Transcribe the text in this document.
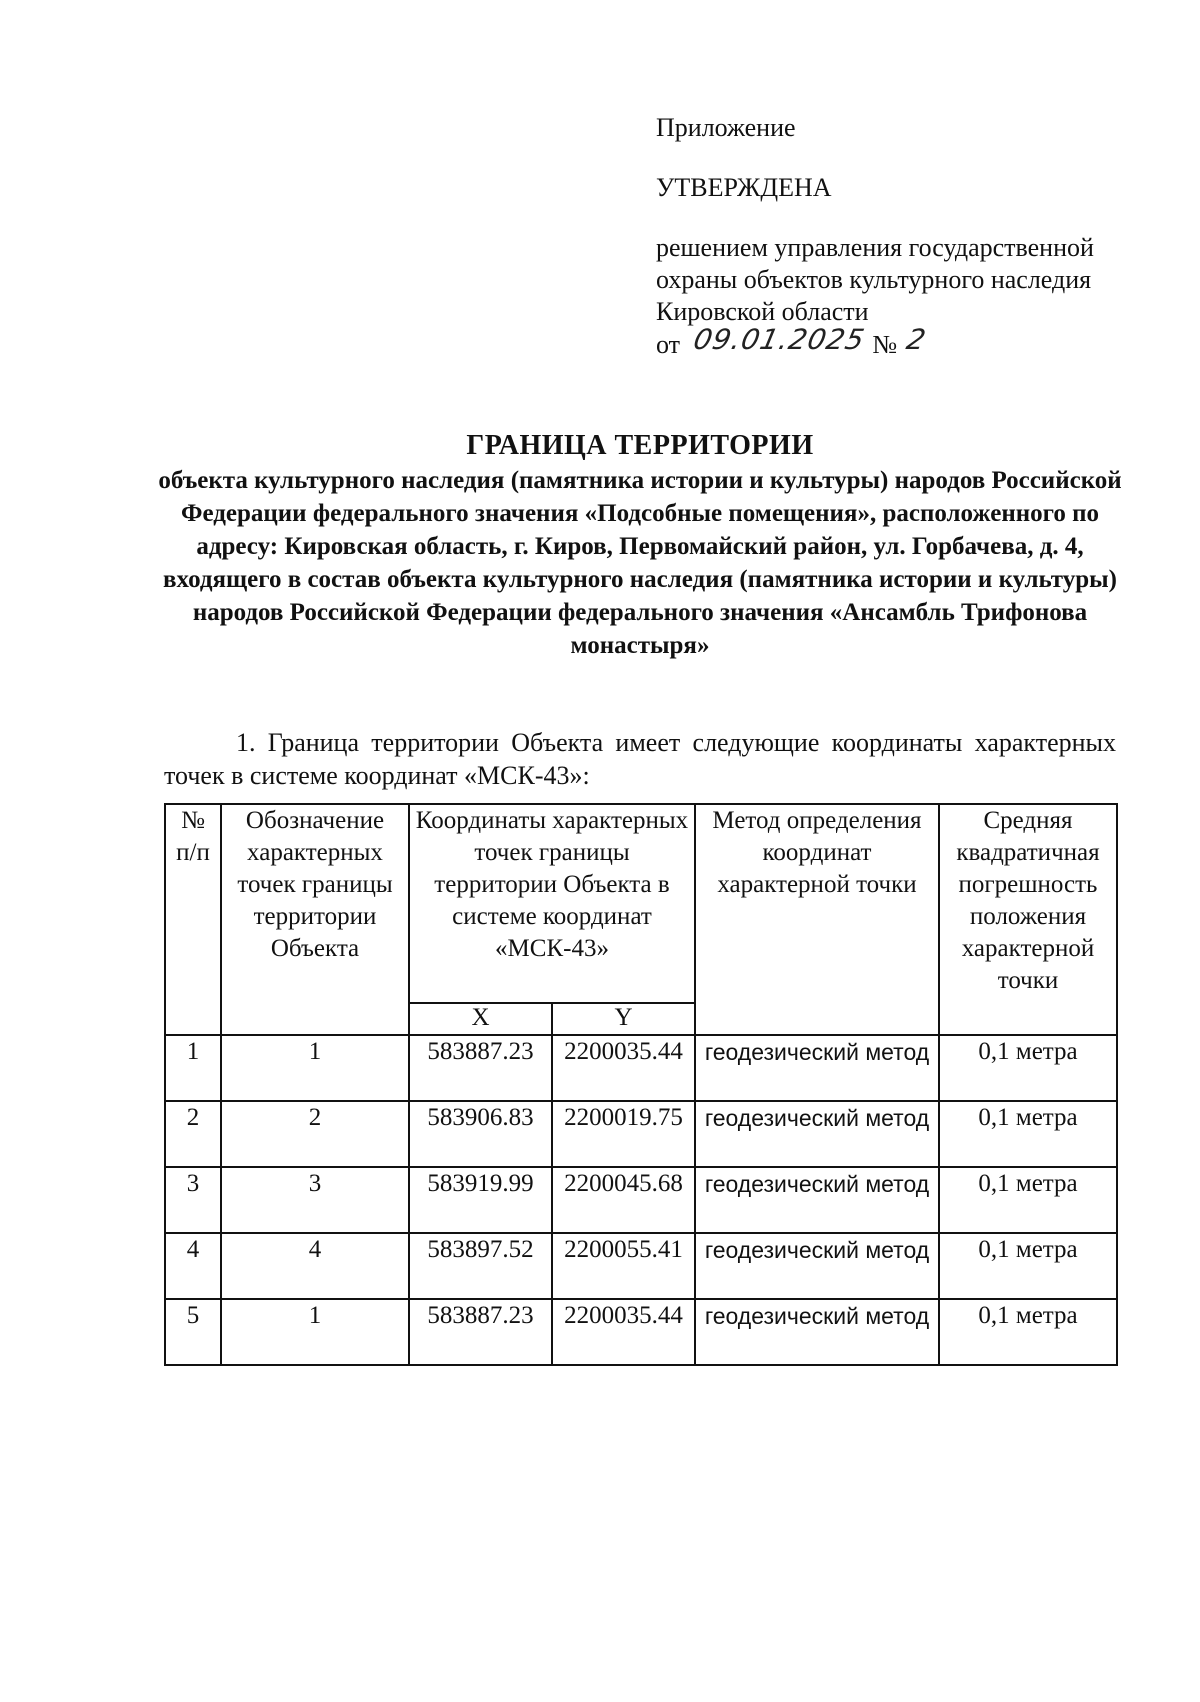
Приложение
УТВЕРЖДЕНА
решением управления государственной охраны объектов культурного наследия Кировской области
от 09.01.2025 № 2
ГРАНИЦА ТЕРРИТОРИИ
объекта культурного наследия (памятника истории и культуры) народов Российской Федерации федерального значения «Подсобные помещения», расположенного по адресу: Кировская область, г. Киров, Первомайский район, ул. Горбачева, д. 4, входящего в состав объекта культурного наследия (памятника истории и культуры) народов Российской Федерации федерального значения «Ансамбль Трифонова монастыря»
1. Граница территории Объекта имеет следующие координаты характерных точек в системе координат «МСК-43»:
№ п/п	Обозначение характерных точек границы территории Объекта	Координаты характерных точек границы территории Объекта в системе координат «МСК-43»		Метод определения координат характерной точки	Средняя квадратичная погрешность положения характерной точки
		X	Y		
1	1	583887.23	2200035.44	геодезический метод	0,1 метра
2	2	583906.83	2200019.75	геодезический метод	0,1 метра
3	3	583919.99	2200045.68	геодезический метод	0,1 метра
4	4	583897.52	2200055.41	геодезический метод	0,1 метра
5	1	583887.23	2200035.44	геодезический метод	0,1 метра
